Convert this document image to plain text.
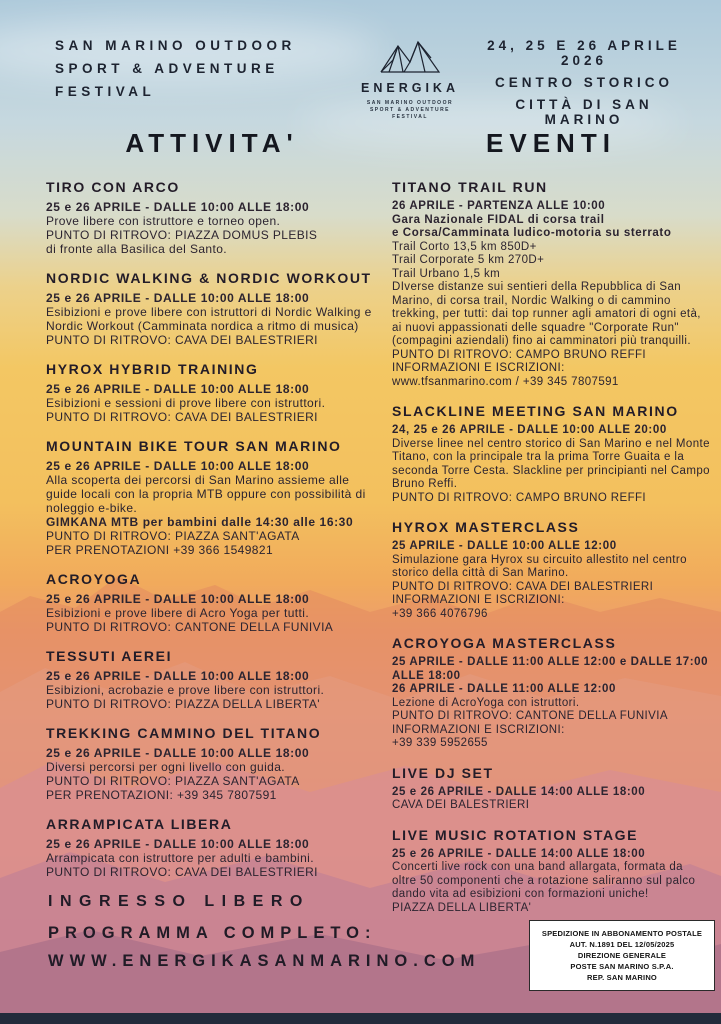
SAN MARINO OUTDOOR

SPORT & ADVENTURE

FESTIVAL	ENERGIKA
SAN MARINO OUTDOOR
SPORT & ADVENTURE
FESTIVAL

24, 25 E 26 APRILE 2026

CENTRO STORICO

CITTÀ DI SAN MARINO

ATTIVITA'
TIRO CON ARCO

25 e 26 APRILE - DALLE 10:00 ALLE 18:00

Prove libere con istruttore e torneo open.

PUNTO DI RITROVO: PIAZZA DOMUS PLEBIS

di fronte alla Basilica del Santo.

NORDIC WALKING & NORDIC WORKOUT

25 e 26 APRILE - DALLE 10:00 ALLE 18:00

Esibizioni e prove libere con istruttori di Nordic Walking e Nordic Workout (Camminata nordica a ritmo di musica)

PUNTO DI RITROVO: CAVA DEI BALESTRIERI

HYROX HYBRID TRAINING

25 e 26 APRILE - DALLE 10:00 ALLE 18:00

Esibizioni e sessioni di prove libere con istruttori.

PUNTO DI RITROVO: CAVA DEI BALESTRIERI

MOUNTAIN BIKE TOUR SAN MARINO

25 e 26 APRILE - DALLE 10:00 ALLE 18:00

Alla scoperta dei percorsi di San Marino assieme alle guide locali con la propria MTB oppure con possibilità di noleggio e-bike.

GIMKANA MTB per bambini dalle 14:30 alle 16:30

PUNTO DI RITROVO: PIAZZA SANT'AGATA

PER PRENOTAZIONI +39 366 1549821

ACROYOGA

25 e 26 APRILE - DALLE 10:00 ALLE 18:00

Esibizioni e prove libere di Acro Yoga per tutti.

PUNTO DI RITROVO: CANTONE DELLA FUNIVIA

TESSUTI AEREI

25 e 26 APRILE - DALLE 10:00 ALLE 18:00

Esibizioni, acrobazie e prove libere con istruttori.

PUNTO DI RITROVO: PIAZZA DELLA LIBERTA'

TREKKING CAMMINO DEL TITANO

25 e 26 APRILE - DALLE 10:00 ALLE 18:00

Diversi percorsi per ogni livello con guida.

PUNTO DI RITROVO: PIAZZA SANT'AGATA

PER PRENOTAZIONI: +39 345 7807591

ARRAMPICATA LIBERA

25 e 26 APRILE - DALLE 10:00 ALLE 18:00

Arrampicata con istruttore per adulti e bambini.

PUNTO DI RITROVO: CAVA DEI BALESTRIERI

EVENTI
TITANO TRAIL RUN

26 APRILE - PARTENZA ALLE 10:00

Gara Nazionale FIDAL di corsa trail

e Corsa/Camminata ludico-motoria su sterrato

Trail Corto 13,5 km 850D+

Trail Corporate 5 km 270D+

Trail Urbano 1,5 km

DIverse distanze sui sentieri della Repubblica di San Marino, di corsa trail, Nordic Walking o di cammino trekking, per tutti: dai top runner agli amatori di ogni età, ai nuovi appassionati delle squadre "Corporate Run" (compagini aziendali) fino ai camminatori più tranquilli.

PUNTO DI RITROVO: CAMPO BRUNO REFFI

INFORMAZIONI E ISCRIZIONI:

www.tfsanmarino.com / +39 345 7807591

SLACKLINE MEETING SAN MARINO

24, 25 e 26 APRILE - DALLE 10:00 ALLE 20:00

Diverse linee nel centro storico di San Marino e nel Monte Titano, con la principale tra la prima Torre Guaita e la seconda Torre Cesta. Slackline per principianti nel Campo Bruno Reffi.

PUNTO DI RITROVO: CAMPO BRUNO REFFI

HYROX MASTERCLASS

25 APRILE - DALLE 10:00 ALLE 12:00

Simulazione gara Hyrox su circuito allestito nel centro storico della città di San Marino.

PUNTO DI RITROVO: CAVA DEI BALESTRIERI

INFORMAZIONI E ISCRIZIONI:

+39 366 4076796

ACROYOGA MASTERCLASS

25 APRILE - DALLE 11:00 ALLE 12:00 e DALLE 17:00 ALLE 18:00

26 APRILE - DALLE 11:00 ALLE 12:00

Lezione di AcroYoga con istruttori.

PUNTO DI RITROVO: CANTONE DELLA FUNIVIA

INFORMAZIONI E ISCRIZIONI:

+39 339 5952655

LIVE DJ SET

25 e 26 APRILE - DALLE 14:00 ALLE 18:00

CAVA DEI BALESTRIERI

LIVE MUSIC ROTATION STAGE

25 e 26 APRILE - DALLE 14:00 ALLE 18:00

Concerti live rock con una band allargata, formata da oltre 50 componenti che a rotazione saliranno sul palco dando vita ad esibizioni con formazioni uniche!

PIAZZA DELLA LIBERTA'

INGRESSO LIBERO

PROGRAMMA COMPLETO:

WWW.ENERGIKASANMARINO.COM

SPEDIZIONE IN ABBONAMENTO POSTALE

AUT. N.1891 DEL 12/05/2025

DIREZIONE GENERALE

POSTE SAN MARINO S.P.A.

REP. SAN MARINO
